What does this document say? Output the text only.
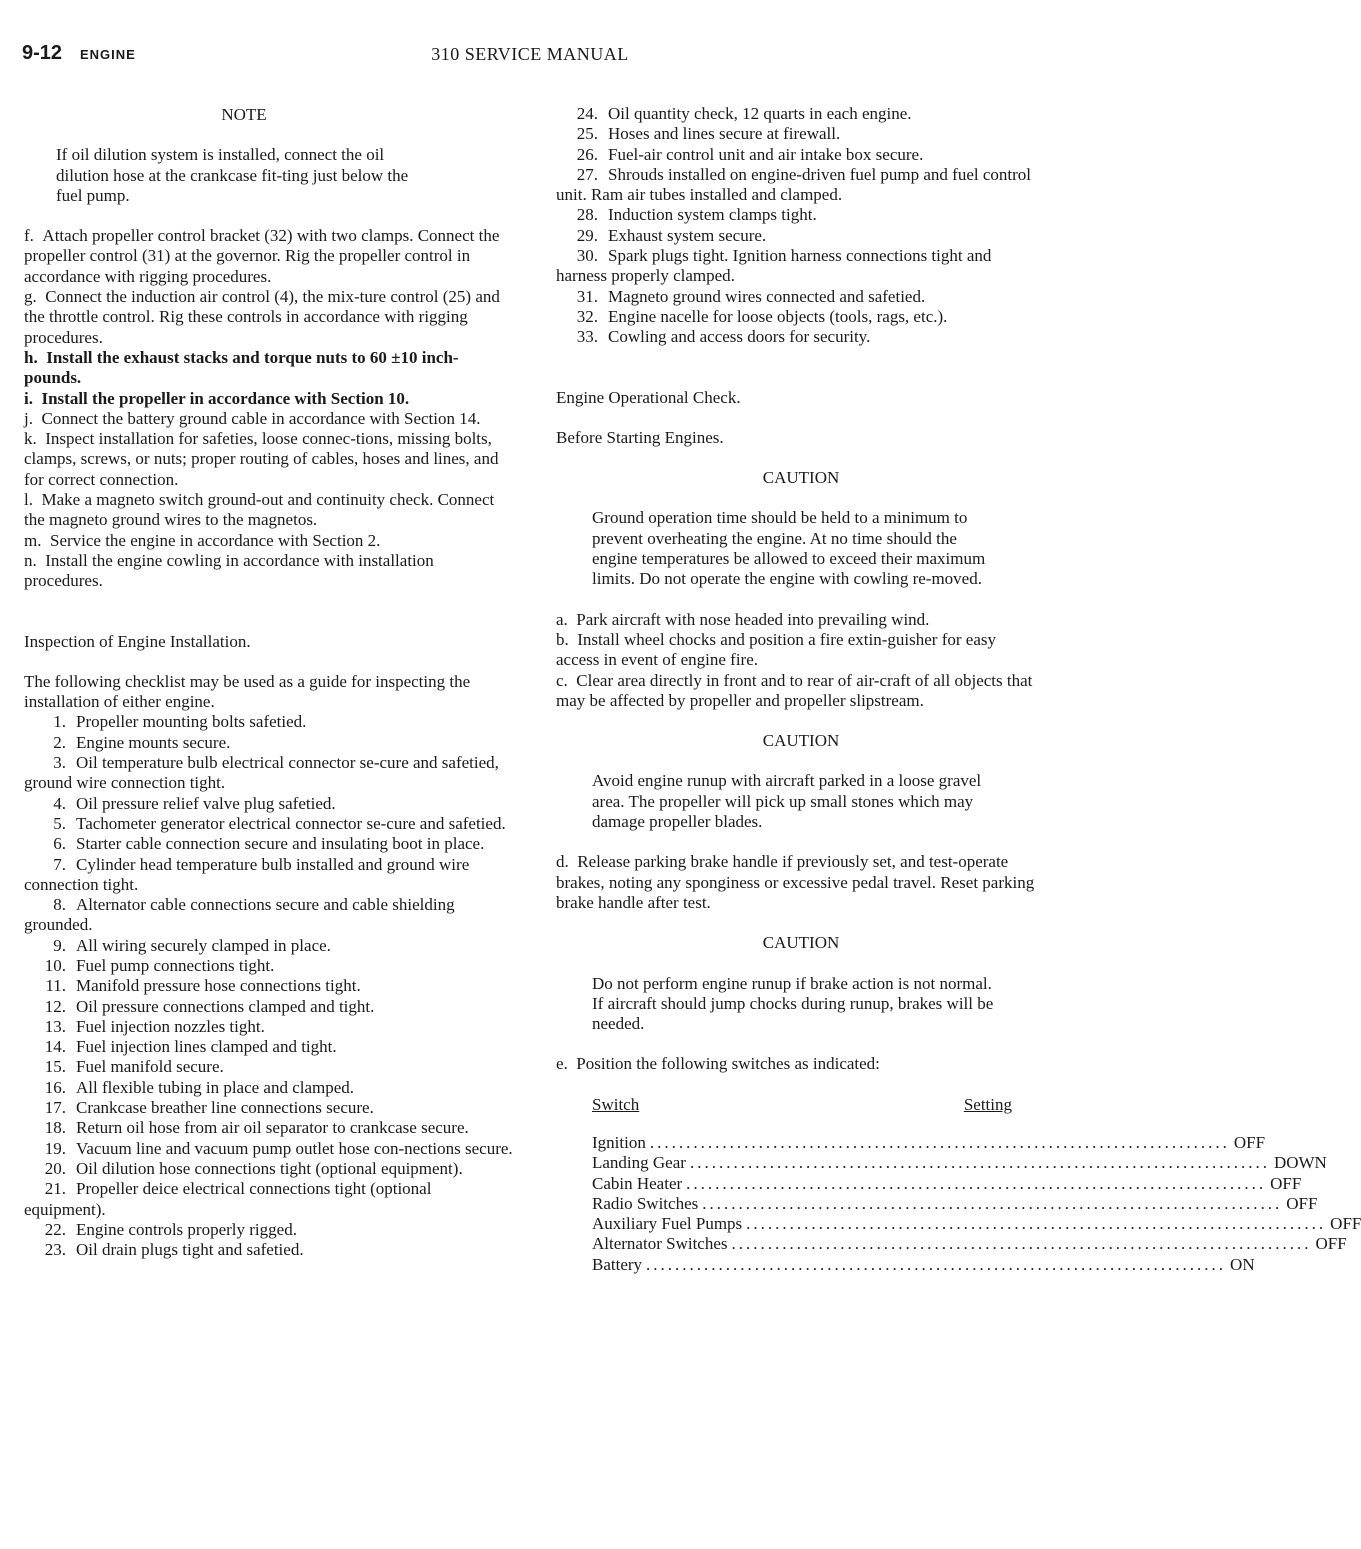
9-12 ENGINE	310 SERVICE MANUAL

NOTE

If oil dilution system is installed, connect the oil dilution hose at the crankcase fit-ting just below the fuel pump.

f. Attach propeller control bracket (32) with two clamps. Connect the propeller control (31) at the governor. Rig the propeller control in accordance with rigging procedures.

g. Connect the induction air control (4), the mix-ture control (25) and the throttle control. Rig these controls in accordance with rigging procedures.

h. Install the exhaust stacks and torque nuts to 60 ±10 inch-pounds.

i. Install the propeller in accordance with Section 10.

j. Connect the battery ground cable in accordance with Section 14.

k. Inspect installation for safeties, loose connec-tions, missing bolts, clamps, screws, or nuts; proper routing of cables, hoses and lines, and for correct connection.

l. Make a magneto switch ground-out and continuity check. Connect the magneto ground wires to the magnetos.

m. Service the engine in accordance with Section 2.

n. Install the engine cowling in accordance with installation procedures.

Inspection of Engine Installation.

The following checklist may be used as a guide for inspecting the installation of either engine.

1. Propeller mounting bolts safetied.

2. Engine mounts secure.

3. Oil temperature bulb electrical connector se-cure and safetied, ground wire connection tight.

4. Oil pressure relief valve plug safetied.

5. Tachometer generator electrical connector se-cure and safetied.

6. Starter cable connection secure and insulating boot in place.

7. Cylinder head temperature bulb installed and ground wire connection tight.

8. Alternator cable connections secure and cable shielding grounded.

9. All wiring securely clamped in place.

10. Fuel pump connections tight.

11. Manifold pressure hose connections tight.

12. Oil pressure connections clamped and tight.

13. Fuel injection nozzles tight.

14. Fuel injection lines clamped and tight.

15. Fuel manifold secure.

16. All flexible tubing in place and clamped.

17. Crankcase breather line connections secure.

18. Return oil hose from air oil separator to crankcase secure.

19. Vacuum line and vacuum pump outlet hose con-nections secure.

20. Oil dilution hose connections tight (optional equipment).

21. Propeller deice electrical connections tight (optional equipment).

22. Engine controls properly rigged.

23. Oil drain plugs tight and safetied.

24. Oil quantity check, 12 quarts in each engine.

25. Hoses and lines secure at firewall.

26. Fuel-air control unit and air intake box secure.

27. Shrouds installed on engine-driven fuel pump and fuel control unit. Ram air tubes installed and clamped.

28. Induction system clamps tight.

29. Exhaust system secure.

30. Spark plugs tight. Ignition harness connections tight and harness properly clamped.

31. Magneto ground wires connected and safetied.

32. Engine nacelle for loose objects (tools, rags, etc.).

33. Cowling and access doors for security.

Engine Operational Check.

Before Starting Engines.

CAUTION

Ground operation time should be held to a minimum to prevent overheating the engine. At no time should the engine temperatures be allowed to exceed their maximum limits. Do not operate the engine with cowling re-moved.

a. Park aircraft with nose headed into prevailing wind.

b. Install wheel chocks and position a fire extin-guisher for easy access in event of engine fire.

c. Clear area directly in front and to rear of air-craft of all objects that may be affected by propeller and propeller slipstream.

CAUTION

Avoid engine runup with aircraft parked in a loose gravel area. The propeller will pick up small stones which may damage propeller blades.

d. Release parking brake handle if previously set, and test-operate brakes, noting any sponginess or excessive pedal travel. Reset parking brake handle after test.

CAUTION

Do not perform engine runup if brake action is not normal. If aircraft should jump chocks during runup, brakes will be needed.

e. Position the following switches as indicated:

Switch	Setting
Ignition ................................................................................ OFF
Landing Gear ................................................................................ DOWN
Cabin Heater ................................................................................ OFF
Radio Switches ................................................................................ OFF
Auxiliary Fuel Pumps ................................................................................ OFF
Alternator Switches ................................................................................ OFF
Battery ................................................................................ ON
